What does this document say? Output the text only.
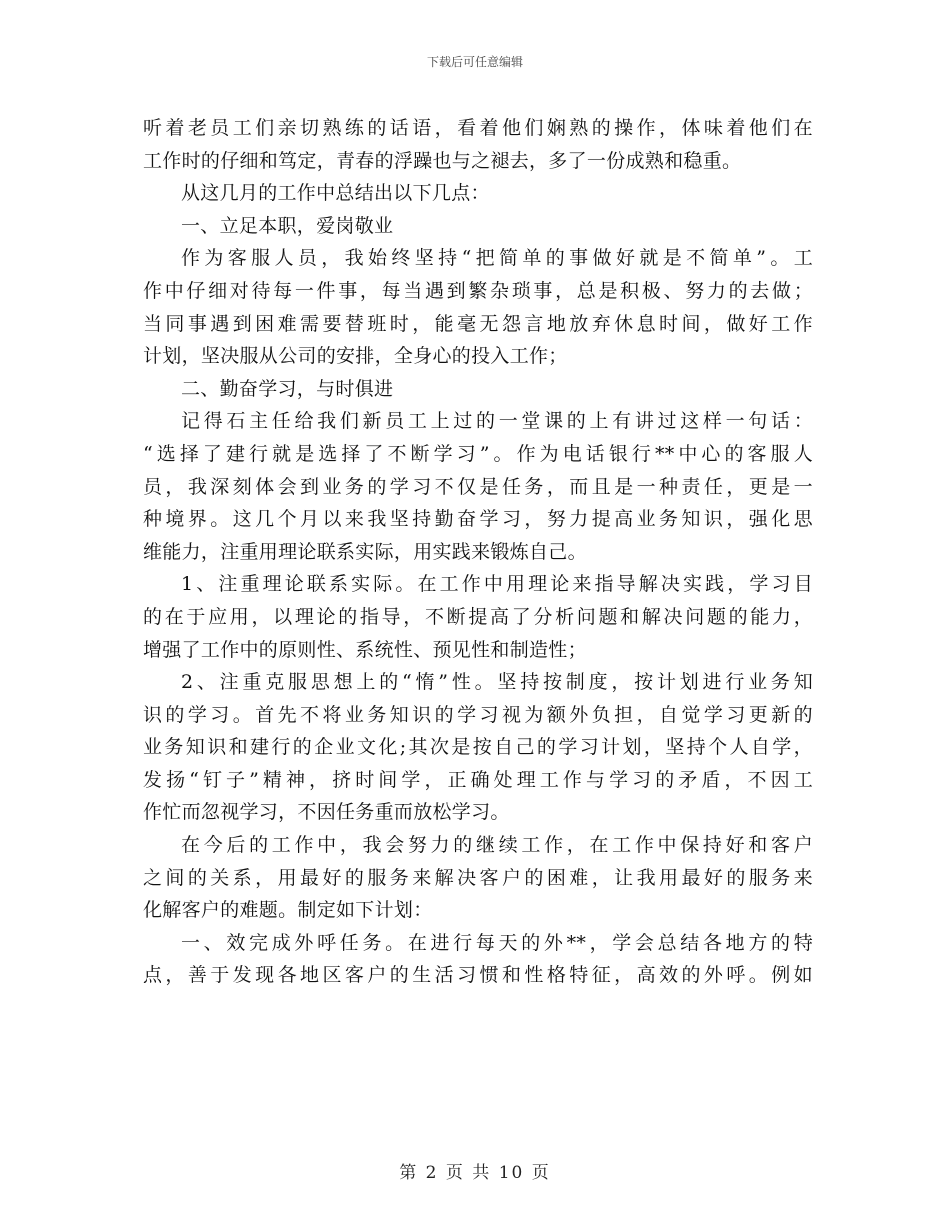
下载后可任意编辑
听着老员工们亲切熟练的话语，看着他们娴熟的操作，体味着他们在
工作时的仔细和笃定，青春的浮躁也与之褪去，多了一份成熟和稳重。
从这几月的工作中总结出以下几点：
一、立足本职，爱岗敬业
作为客服人员，我始终坚持“把简单的事做好就是不简单”。工
作中仔细对待每一件事，每当遇到繁杂琐事，总是积极、努力的去做；
当同事遇到困难需要替班时，能毫无怨言地放弃休息时间，做好工作
计划，坚决服从公司的安排，全身心的投入工作；
二、勤奋学习，与时俱进
记得石主任给我们新员工上过的一堂课的上有讲过这样一句话：
“选择了建行就是选择了不断学习”。作为电话银行**中心的客服人
员，我深刻体会到业务的学习不仅是任务，而且是一种责任，更是一
种境界。这几个月以来我坚持勤奋学习，努力提高业务知识，强化思
维能力，注重用理论联系实际，用实践来锻炼自己。
1、注重理论联系实际。在工作中用理论来指导解决实践，学习目
的在于应用，以理论的指导，不断提高了分析问题和解决问题的能力，
增强了工作中的原则性、系统性、预见性和制造性；
2、注重克服思想上的“惰”性。坚持按制度，按计划进行业务知
识的学习。首先不将业务知识的学习视为额外负担，自觉学习更新的
业务知识和建行的企业文化;其次是按自己的学习计划，坚持个人自学，
发扬“钉子”精神，挤时间学，正确处理工作与学习的矛盾，不因工
作忙而忽视学习，不因任务重而放松学习。
在今后的工作中，我会努力的继续工作，在工作中保持好和客户
之间的关系，用最好的服务来解决客户的困难，让我用最好的服务来
化解客户的难题。制定如下计划：
一、效完成外呼任务。在进行每天的外**，学会总结各地方的特
点，善于发现各地区客户的生活习惯和性格特征，高效的外呼。例如
第 2 页 共 10 页
